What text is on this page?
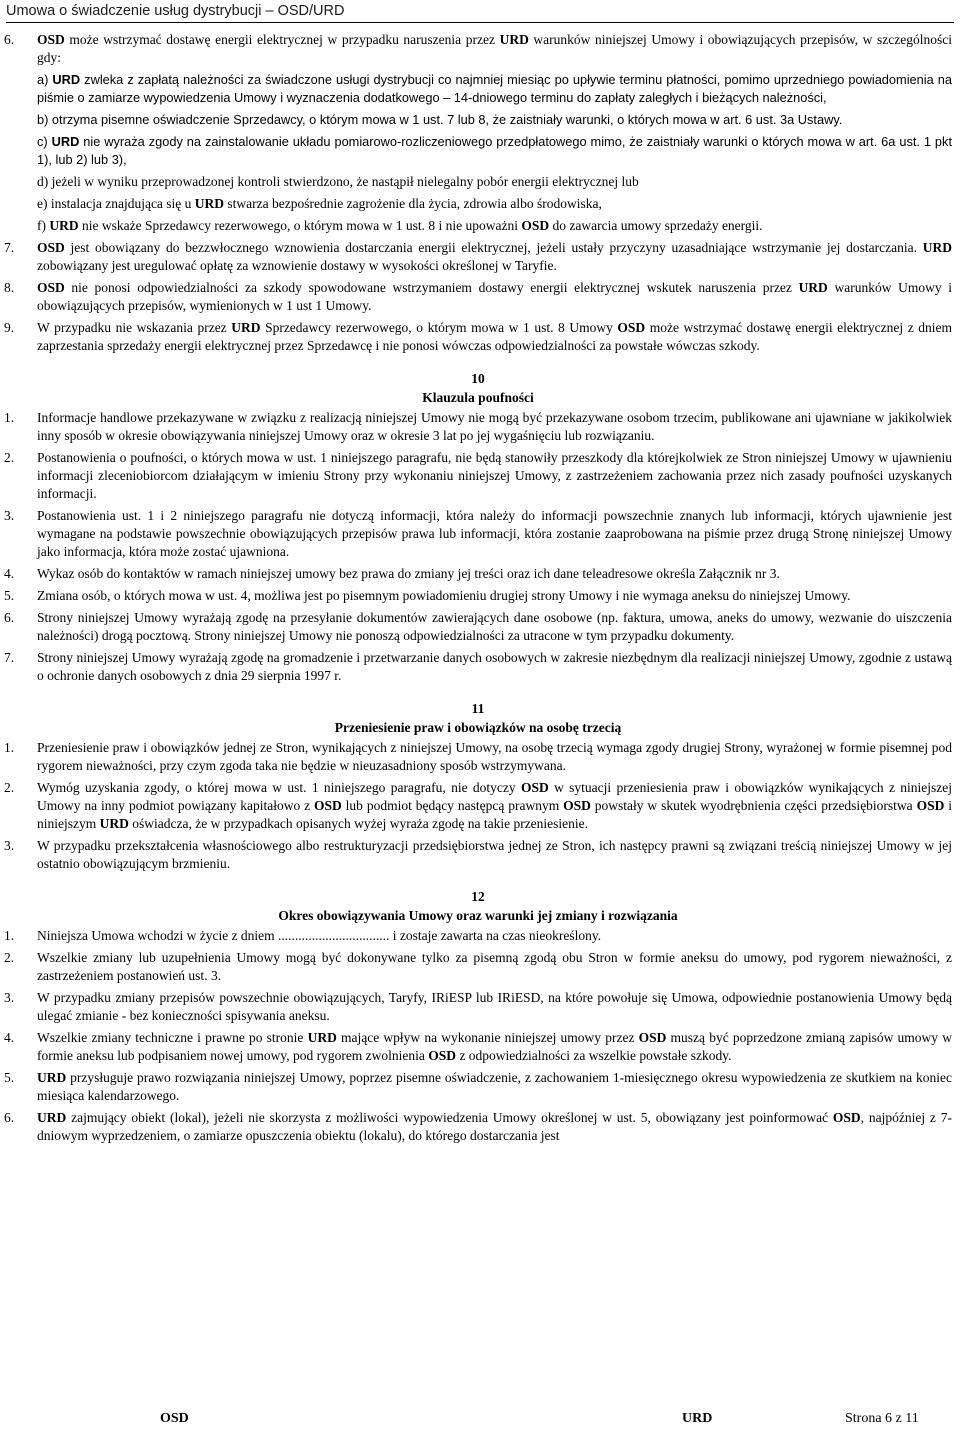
Umowa o świadczenie usług dystrybucji – OSD/URD
6.	OSD może wstrzymać dostawę energii elektrycznej w przypadku naruszenia przez URD warunków niniejszej Umowy i obowiązujących przepisów, w szczególności gdy:
a) URD zwleka z zapłatą należności za świadczone usługi dystrybucji co najmniej miesiąc po upływie terminu płatności, pomimo uprzedniego powiadomienia na piśmie o zamiarze wypowiedzenia Umowy i wyznaczenia dodatkowego – 14-dniowego terminu do zapłaty zaległych i bieżących należności,
b) otrzyma pisemne oświadczenie Sprzedawcy, o którym mowa w 1 ust. 7 lub 8, że zaistniały warunki, o których mowa w art. 6 ust. 3a Ustawy.
c) URD nie wyraża zgody na zainstalowanie układu pomiarowo-rozliczeniowego przedpłatowego mimo, że zaistniały warunki o których mowa w art. 6a ust. 1 pkt 1), lub 2) lub 3),
d) jeżeli w wyniku przeprowadzonej kontroli stwierdzono, że nastąpił nielegalny pobór energii elektrycznej lub
e) instalacja znajdująca się u URD stwarza bezpośrednie zagrożenie dla życia, zdrowia albo środowiska,
f) URD nie wskaże Sprzedawcy rezerwowego, o którym mowa w 1 ust. 8 i nie upoważni OSD do zawarcia umowy sprzedaży energii.
7.	OSD jest obowiązany do bezzwłocznego wznowienia dostarczania energii elektrycznej, jeżeli ustały przyczyny uzasadniające wstrzymanie jej dostarczania. URD zobowiązany jest uregulować opłatę za wznowienie dostawy w wysokości określonej w Taryfie.
8.	OSD nie ponosi odpowiedzialności za szkody spowodowane wstrzymaniem dostawy energii elektrycznej wskutek naruszenia przez URD warunków Umowy i obowiązujących przepisów, wymienionych w 1 ust 1 Umowy.
9.	W przypadku nie wskazania przez URD Sprzedawcy rezerwowego, o którym mowa w 1 ust. 8 Umowy OSD może wstrzymać dostawę energii elektrycznej z dniem zaprzestania sprzedaży energii elektrycznej przez Sprzedawcę i nie ponosi wówczas odpowiedzialności za powstałe wówczas szkody.
10
Klauzula poufności
1.	Informacje handlowe przekazywane w związku z realizacją niniejszej Umowy nie mogą być przekazywane osobom trzecim, publikowane ani ujawniane w jakikolwiek inny sposób w okresie obowiązywania niniejszej Umowy oraz w okresie 3 lat po jej wygaśnięciu lub rozwiązaniu.
2.	Postanowienia o poufności, o których mowa w ust. 1 niniejszego paragrafu, nie będą stanowiły przeszkody dla którejkolwiek ze Stron niniejszej Umowy w ujawnieniu informacji zleceniobiorcom działającym w imieniu Strony przy wykonaniu niniejszej Umowy, z zastrzeżeniem zachowania przez nich zasady poufności uzyskanych informacji.
3.	Postanowienia ust. 1 i 2 niniejszego paragrafu nie dotyczą informacji, która należy do informacji powszechnie znanych lub informacji, których ujawnienie jest wymagane na podstawie powszechnie obowiązujących przepisów prawa lub informacji, która zostanie zaaprobowana na piśmie przez drugą Stronę niniejszej Umowy jako informacja, która może zostać ujawniona.
4.	Wykaz osób do kontaktów w ramach niniejszej umowy bez prawa do zmiany jej treści oraz ich dane teleadresowe określa Załącznik nr 3.
5.	Zmiana osób, o których mowa w ust. 4, możliwa jest po pisemnym powiadomieniu drugiej strony Umowy i nie wymaga aneksu do niniejszej Umowy.
6.	Strony niniejszej Umowy wyrażają zgodę na przesyłanie dokumentów zawierających dane osobowe (np. faktura, umowa, aneks do umowy, wezwanie do uiszczenia należności) drogą pocztową. Strony niniejszej Umowy nie ponoszą odpowiedzialności za utracone w tym przypadku dokumenty.
7.	Strony niniejszej Umowy wyrażają zgodę na gromadzenie i przetwarzanie danych osobowych w zakresie niezbędnym dla realizacji niniejszej Umowy, zgodnie z ustawą o ochronie danych osobowych z dnia 29 sierpnia 1997 r.
11
Przeniesienie praw i obowiązków na osobę trzecią
1.	Przeniesienie praw i obowiązków jednej ze Stron, wynikających z niniejszej Umowy, na osobę trzecią wymaga zgody drugiej Strony, wyrażonej w formie pisemnej pod rygorem nieważności, przy czym zgoda taka nie będzie w nieuzasadniony sposób wstrzymywana.
2.	Wymóg uzyskania zgody, o której mowa w ust. 1 niniejszego paragrafu, nie dotyczy OSD w sytuacji przeniesienia praw i obowiązków wynikających z niniejszej Umowy na inny podmiot powiązany kapitałowo z OSD lub podmiot będący następcą prawnym OSD powstały w skutek wyodrębnienia części przedsiębiorstwa OSD i niniejszym URD oświadcza, że w przypadkach opisanych wyżej wyraża zgodę na takie przeniesienie.
3.	W przypadku przekształcenia własnościowego albo restrukturyzacji przedsiębiorstwa jednej ze Stron, ich następcy prawni są związani treścią niniejszej Umowy w jej ostatnio obowiązującym brzmieniu.
12
Okres obowiązywania Umowy oraz warunki jej zmiany i rozwiązania
1.	Niniejsza Umowa wchodzi w życie z dniem ................................. i zostaje zawarta na czas nieokreślony.
2.	Wszelkie zmiany lub uzupełnienia Umowy mogą być dokonywane tylko za pisemną zgodą obu Stron w formie aneksu do umowy, pod rygorem nieważności, z zastrzeżeniem postanowień ust. 3.
3.	W przypadku zmiany przepisów powszechnie obowiązujących, Taryfy, IRiESP lub IRiESD, na które powołuje się Umowa, odpowiednie postanowienia Umowy będą ulegać zmianie - bez konieczności spisywania aneksu.
4.	Wszelkie zmiany techniczne i prawne po stronie URD mające wpływ na wykonanie niniejszej umowy przez OSD muszą być poprzedzone zmianą zapisów umowy w formie aneksu lub podpisaniem nowej umowy, pod rygorem zwolnienia OSD z odpowiedzialności za wszelkie powstałe szkody.
5.	URD przysługuje prawo rozwiązania niniejszej Umowy, poprzez pisemne oświadczenie, z zachowaniem 1-miesięcznego okresu wypowiedzenia ze skutkiem na koniec miesiąca kalendarzowego.
6.	URD zajmujący obiekt (lokal), jeżeli nie skorzysta z możliwości wypowiedzenia Umowy określonej w ust. 5, obowiązany jest poinformować OSD, najpóźniej z 7-dniowym wyprzedzeniem, o zamiarze opuszczenia obiektu (lokalu), do którego dostarczania jest
OSD	URD	Strona 6 z 11
